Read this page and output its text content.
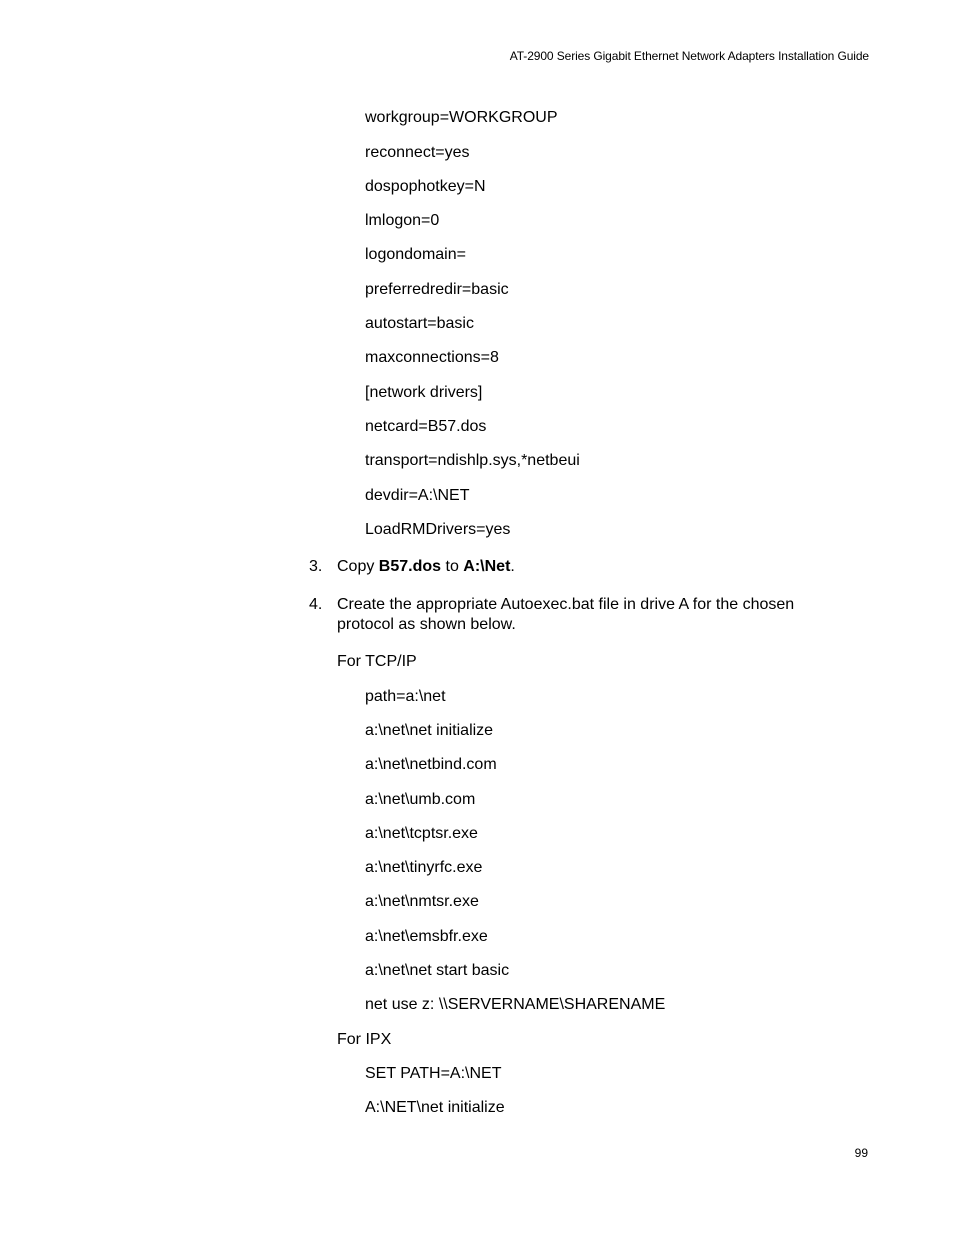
AT-2900 Series Gigabit Ethernet Network Adapters Installation Guide
workgroup=WORKGROUP
reconnect=yes
dospophotkey=N
lmlogon=0
logondomain=
preferredredir=basic
autostart=basic
maxconnections=8
[network drivers]
netcard=B57.dos
transport=ndishlp.sys,*netbeui
devdir=A:\NET
LoadRMDrivers=yes
3. Copy B57.dos to A:\Net.
4. Create the appropriate Autoexec.bat file in drive A for the chosen protocol as shown below.
For TCP/IP
path=a:\net
a:\net\net initialize
a:\net\netbind.com
a:\net\umb.com
a:\net\tcptsr.exe
a:\net\tinyrfc.exe
a:\net\nmtsr.exe
a:\net\emsbfr.exe
a:\net\net start basic
net use z: \\SERVERNAME\SHARENAME
For IPX
SET PATH=A:\NET
A:\NET\net initialize
99
